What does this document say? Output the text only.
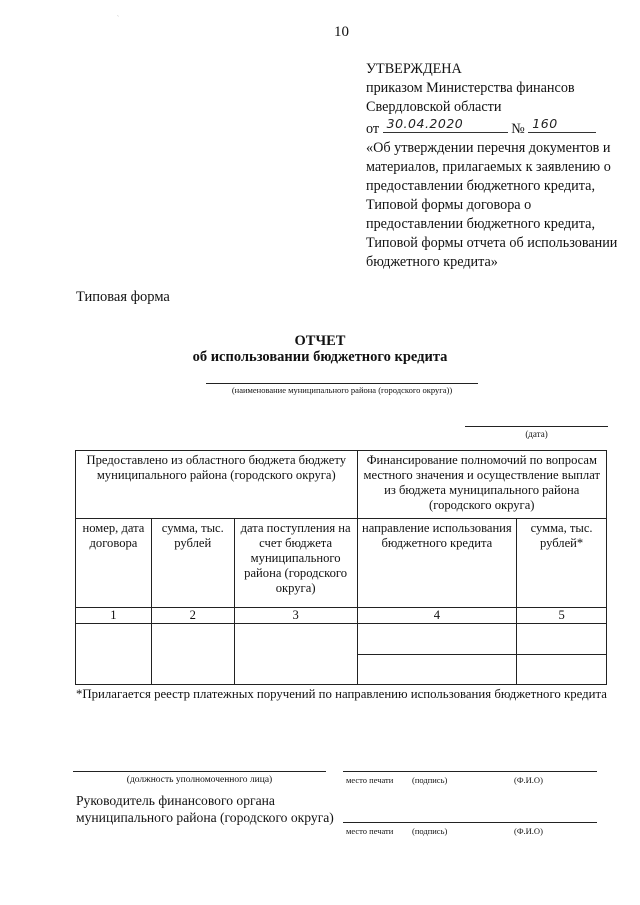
`
10
УТВЕРЖДЕНА
приказом Министерства финансов
Свердловской области
от 30.04.2020	№ 160
«Об утверждении перечня документов и материалов, прилагаемых к заявлению о предоставлении бюджетного кредита, Типовой формы договора о предоставлении бюджетного кредита, Типовой формы отчета об использовании бюджетного кредита»
Типовая форма
ОТЧЕТ
об использовании бюджетного кредита
(наименование муниципального района (городского округа))
(дата)
Предоставлено из областного бюджета бюджету муниципального района (городского округа)			Финансирование полномочий по вопросам местного значения и осуществление выплат из бюджета муниципального района (городского округа)	
номер, дата договора	сумма, тыс. рублей	дата поступления на счет бюджета муниципального района (городского округа)	направление использования бюджетного кредита	сумма, тыс. рублей*
1	2	3	4	5

*Прилагается реестр платежных поручений по направлению использования бюджетного кредита
(должность уполномоченного лица)	место печати (подпись)	(Ф.И.О)
Руководитель финансового органа
муниципального района (городского округа)
место печати (подпись)	(Ф.И.О)
